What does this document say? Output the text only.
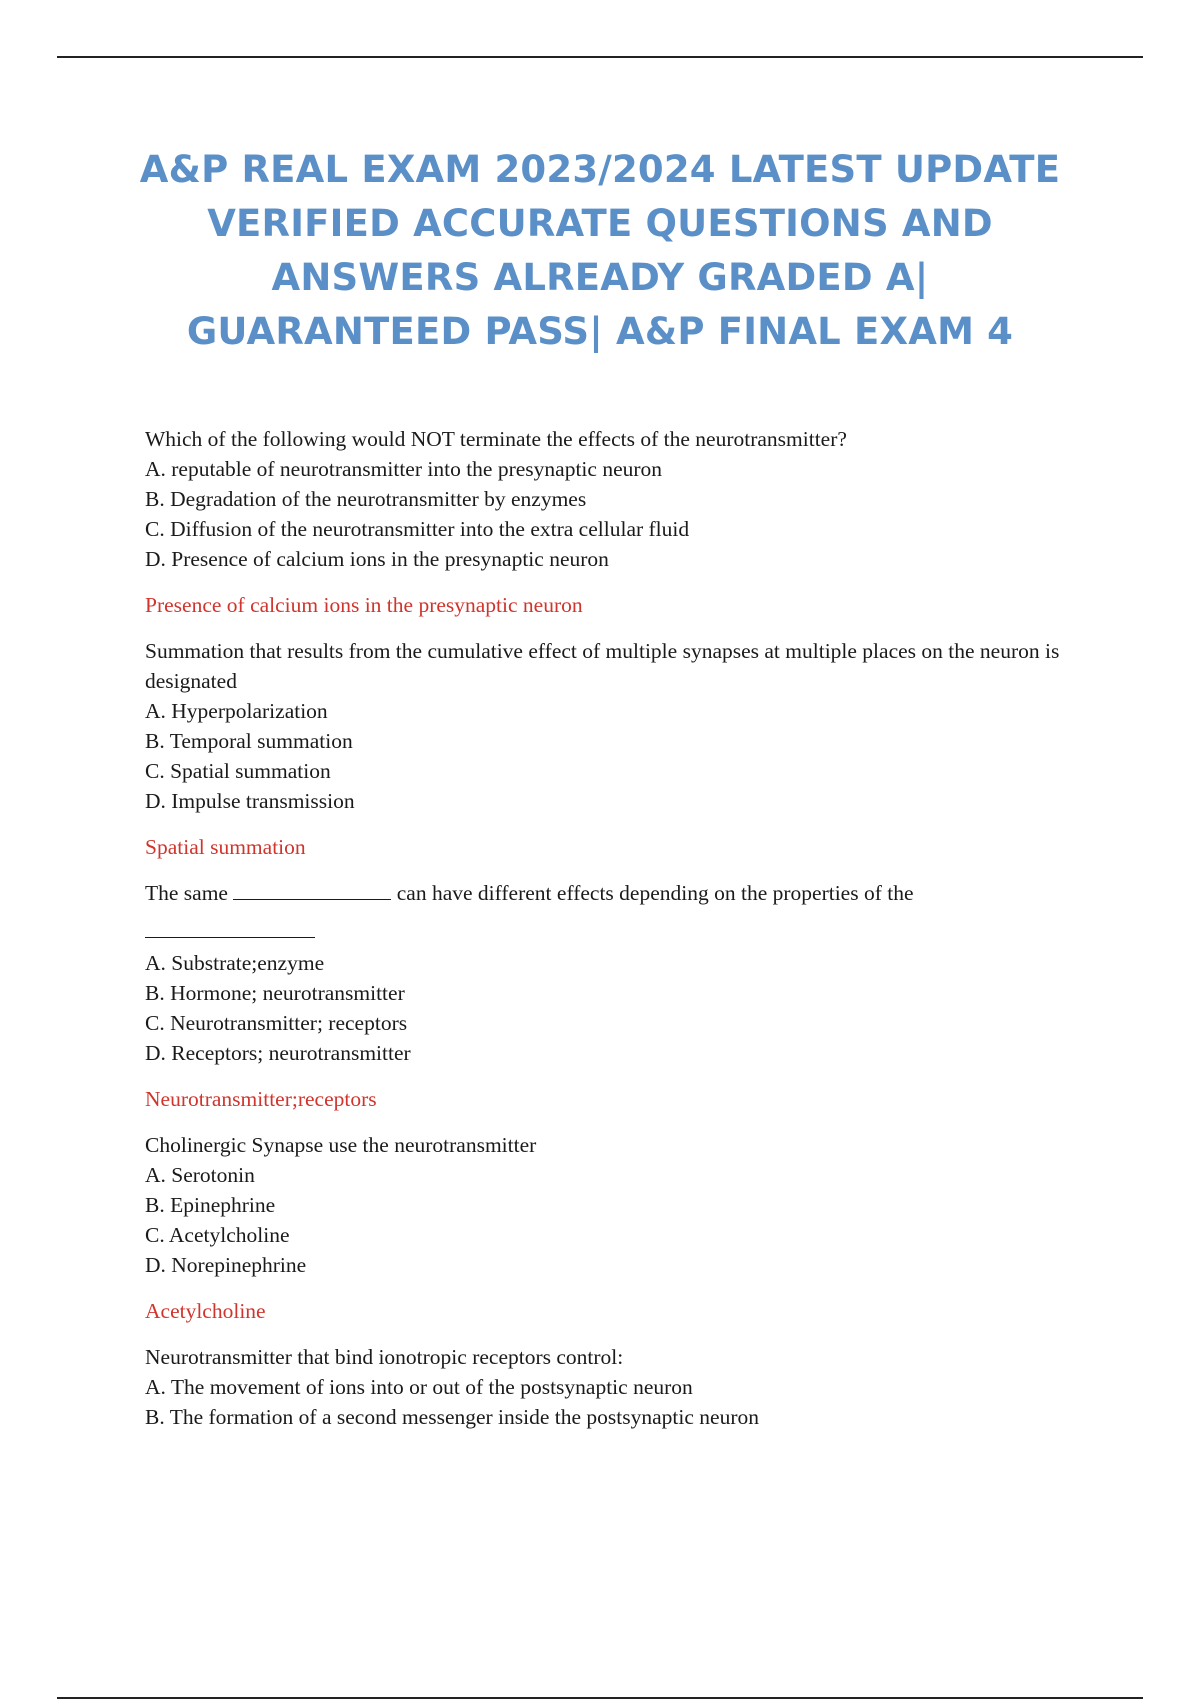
A&P REAL EXAM 2023/2024 LATEST UPDATE
VERIFIED ACCURATE QUESTIONS AND
ANSWERS ALREADY GRADED A|
GUARANTEED PASS| A&P FINAL EXAM 4
Which of the following would NOT terminate the effects of the neurotransmitter?
A. reputable of neurotransmitter into the presynaptic neuron
B. Degradation of the neurotransmitter by enzymes
C. Diffusion of the neurotransmitter into the extra cellular fluid
D. Presence of calcium ions in the presynaptic neuron
Presence of calcium ions in the presynaptic neuron
Summation that results from the cumulative effect of multiple synapses at multiple places on the neuron is designated
A. Hyperpolarization
B. Temporal summation
C. Spatial summation
D. Impulse transmission
Spatial summation
The same	can have different effects depending on the properties of the
A. Substrate;enzyme
B. Hormone; neurotransmitter
C. Neurotransmitter; receptors
D. Receptors; neurotransmitter
Neurotransmitter;receptors
Cholinergic Synapse use the neurotransmitter
A. Serotonin
B. Epinephrine
C. Acetylcholine
D. Norepinephrine
Acetylcholine
Neurotransmitter that bind ionotropic receptors control:
A. The movement of ions into or out of the postsynaptic neuron
B. The formation of a second messenger inside the postsynaptic neuron
